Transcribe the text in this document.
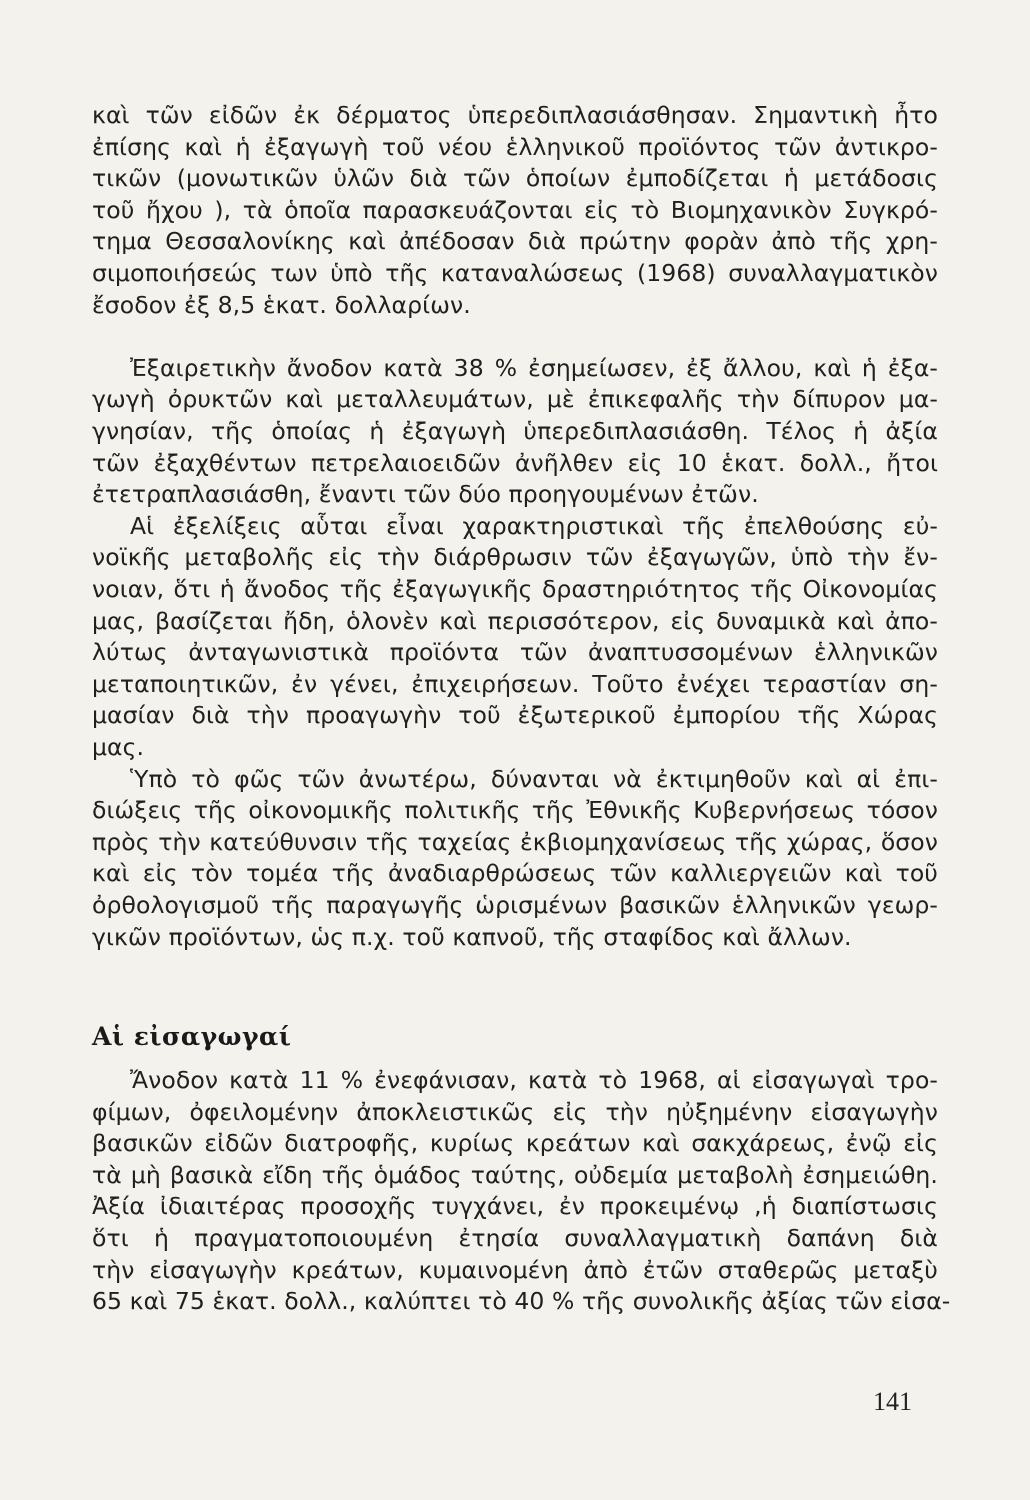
καὶ τῶν εἰδῶν ἐκ δέρματος ὑπερεδιπλασιάσθησαν. Σημαντικὴ ἦτο
ἐπίσης καὶ ἡ ἐξαγωγὴ τοῦ νέου ἑλληνικοῦ προϊόντος τῶν ἀντικρο-
τικῶν (μονωτικῶν ὑλῶν διὰ τῶν ὁποίων ἐμποδίζεται ἡ μετάδοσις
τοῦ ἤχου ), τὰ ὁποῖα παρασκευάζονται εἰς τὸ Βιομηχανικὸν Συγκρό-
τημα Θεσσαλονίκης καὶ ἀπέδοσαν διὰ πρώτην φορὰν ἀπὸ τῆς χρη-
σιμοποιήσεώς των ὑπὸ τῆς καταναλώσεως (1968) συναλλαγματικὸν
ἔσοδον ἐξ 8,5 ἑκατ. δολλαρίων.
Ἐξαιρετικὴν ἄνοδον κατὰ 38 % ἐσημείωσεν, ἐξ ἄλλου, καὶ ἡ ἐξα-
γωγὴ ὀρυκτῶν καὶ μεταλλευμάτων, μὲ ἐπικεφαλῆς τὴν δίπυρον μα-
γνησίαν, τῆς ὁποίας ἡ ἐξαγωγὴ ὑπερεδιπλασιάσθη. Τέλος ἡ ἀξία
τῶν ἐξαχθέντων πετρελαιοειδῶν ἀνῆλθεν εἰς 10 ἑκατ. δολλ., ἤτοι
ἐτετραπλασιάσθη, ἔναντι τῶν δύο προηγουμένων ἐτῶν.
Αἱ ἐξελίξεις αὗται εἶναι χαρακτηριστικαὶ τῆς ἐπελθούσης εὐ-
νοϊκῆς μεταβολῆς εἰς τὴν διάρθρωσιν τῶν ἐξαγωγῶν, ὑπὸ τὴν ἔν-
νοιαν, ὅτι ἡ ἄνοδος τῆς ἐξαγωγικῆς δραστηριότητος τῆς Οἰκονομίας
μας, βασίζεται ἤδη, ὁλονὲν καὶ περισσότερον, εἰς δυναμικὰ καὶ ἀπο-
λύτως ἀνταγωνιστικὰ προϊόντα τῶν ἀναπτυσσομένων ἑλληνικῶν
μεταποιητικῶν, ἐν γένει, ἐπιχειρήσεων. Τοῦτο ἐνέχει τεραστίαν ση-
μασίαν διὰ τὴν προαγωγὴν τοῦ ἐξωτερικοῦ ἐμπορίου τῆς Χώρας
μας.
Ὑπὸ τὸ φῶς τῶν ἀνωτέρω, δύνανται νὰ ἐκτιμηθοῦν καὶ αἱ ἐπι-
διώξεις τῆς οἰκονομικῆς πολιτικῆς τῆς Ἐθνικῆς Κυβερνήσεως τόσον
πρὸς τὴν κατεύθυνσιν τῆς ταχείας ἐκβιομηχανίσεως τῆς χώρας, ὅσον
καὶ εἰς τὸν τομέα τῆς ἀναδιαρθρώσεως τῶν καλλιεργειῶν καὶ τοῦ
ὀρθολογισμοῦ τῆς παραγωγῆς ὡρισμένων βασικῶν ἑλληνικῶν γεωρ-
γικῶν προϊόντων, ὡς π.χ. τοῦ καπνοῦ, τῆς σταφίδος καὶ ἄλλων.
Αἱ εἰσαγωγαί
Ἄνοδον κατὰ 11 % ἐνεφάνισαν, κατὰ τὸ 1968, αἱ εἰσαγωγαὶ τρο-
φίμων, ὀφειλομένην ἀποκλειστικῶς εἰς τὴν ηὐξημένην εἰσαγωγὴν
βασικῶν εἰδῶν διατροφῆς, κυρίως κρεάτων καὶ σακχάρεως, ἐνῷ εἰς
τὰ μὴ βασικὰ εἴδη τῆς ὁμάδος ταύτης, οὐδεμία μεταβολὴ ἐσημειώθη.
Ἀξία ἰδιαιτέρας προσοχῆς τυγχάνει, ἐν προκειμένῳ ,ἡ διαπίστωσις
ὅτι ἡ πραγματοποιουμένη ἐτησία συναλλαγματικὴ δαπάνη διὰ
τὴν εἰσαγωγὴν κρεάτων, κυμαινομένη ἀπὸ ἐτῶν σταθερῶς μεταξὺ
65 καὶ 75 ἑκατ. δολλ., καλύπτει τὸ 40 % τῆς συνολικῆς ἀξίας τῶν εἰσα-
141
